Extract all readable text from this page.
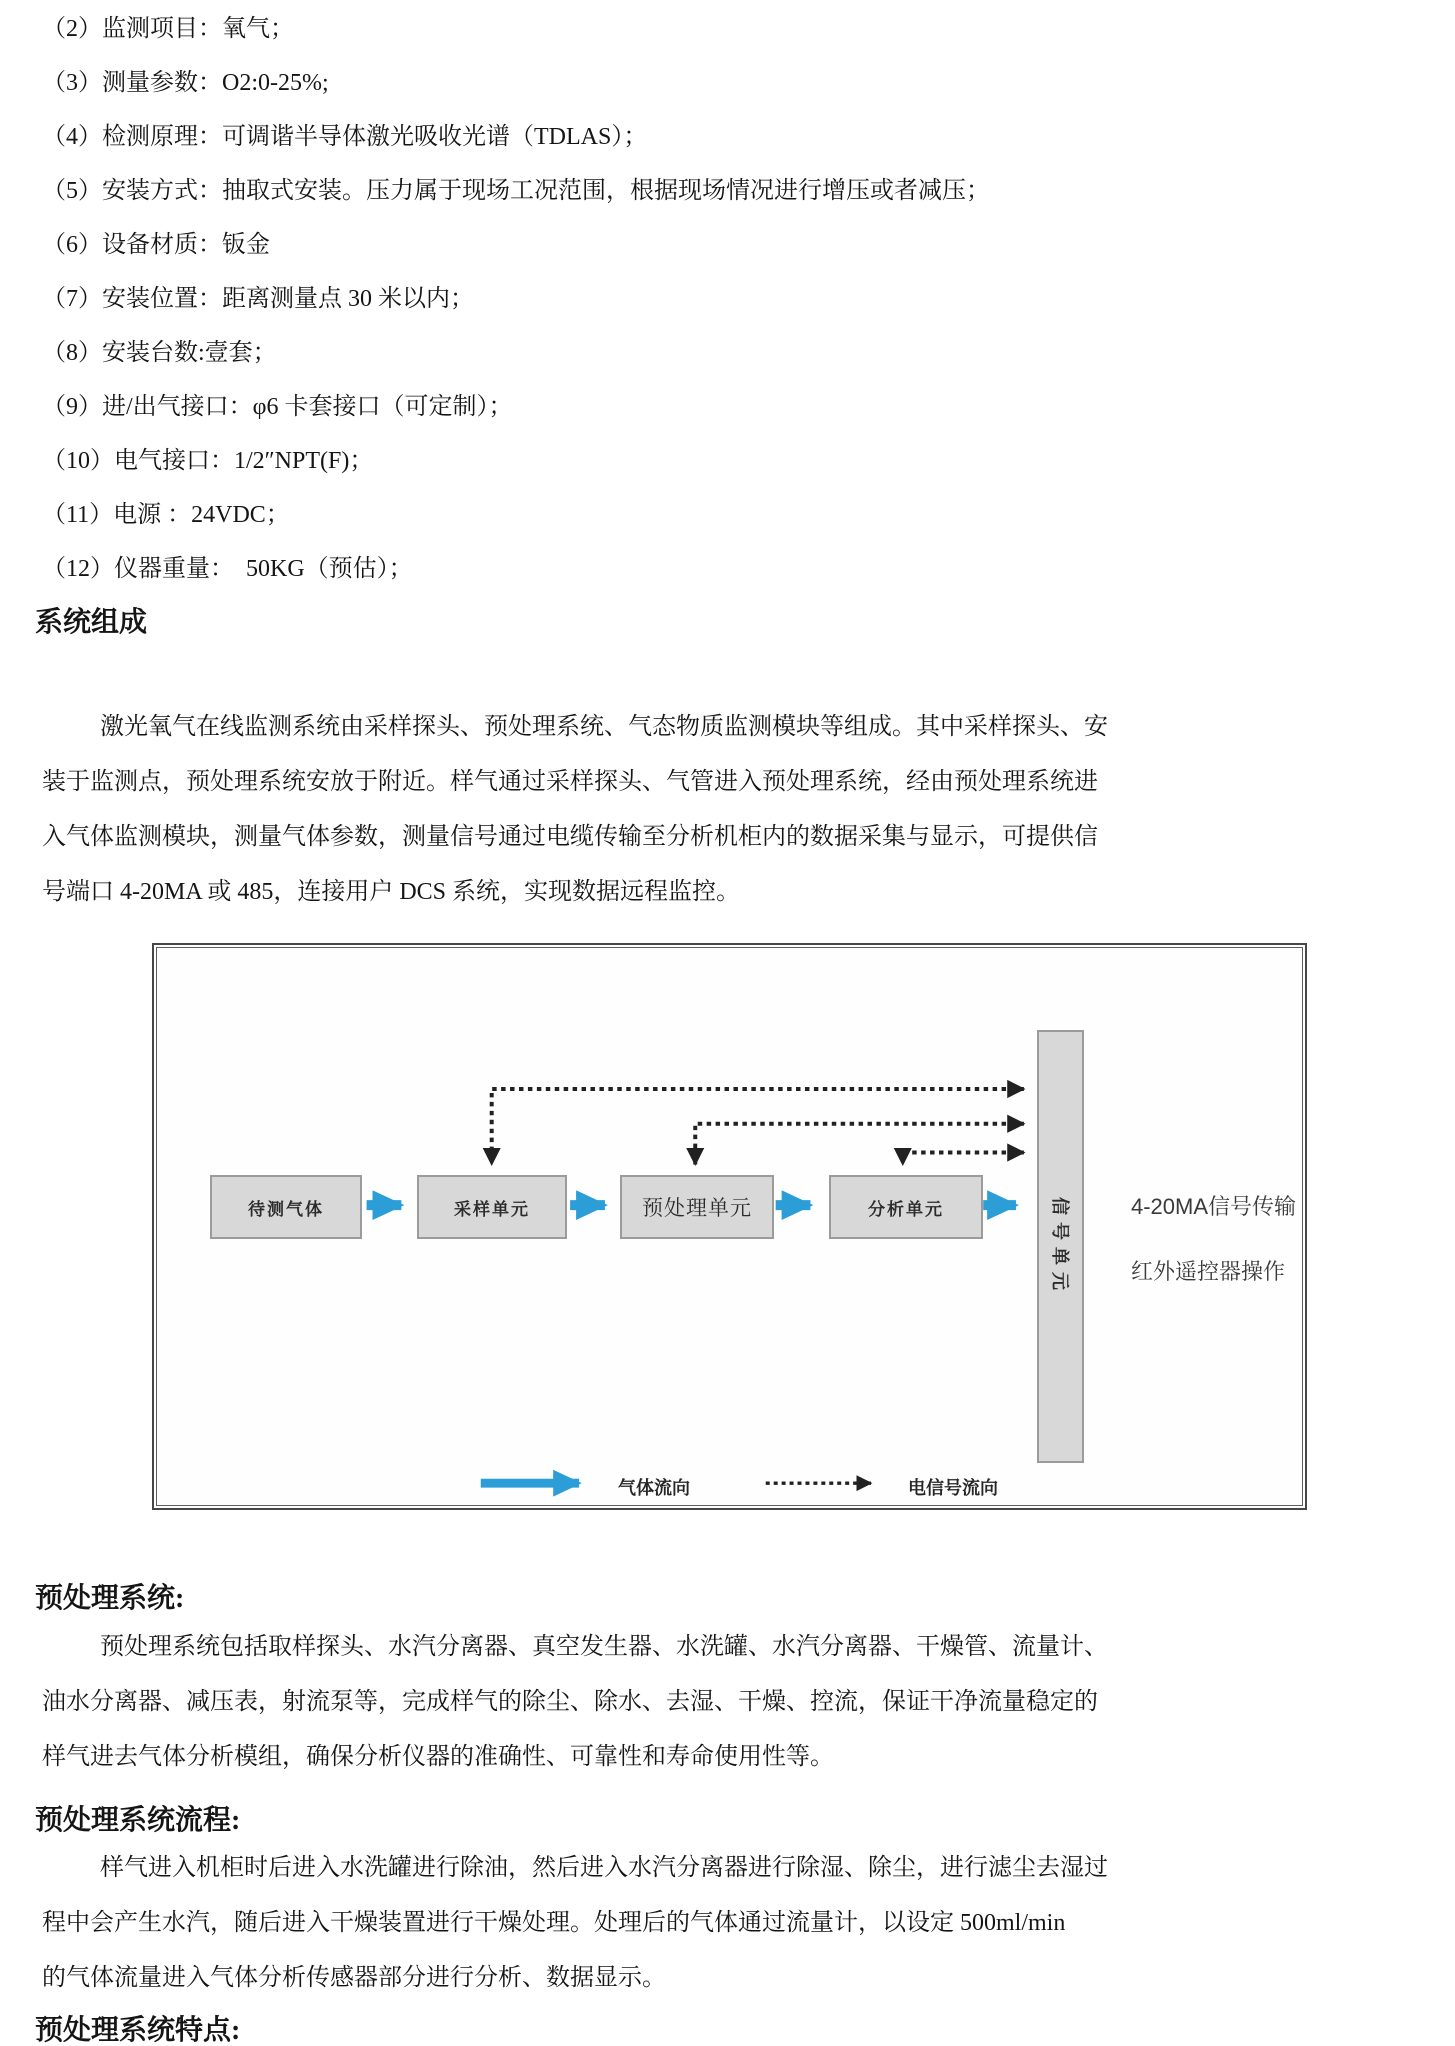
（2）监测项目：氧气；
（3）测量参数：O2:0-25%;
（4）检测原理：可调谐半导体激光吸收光谱（TDLAS）；
（5）安装方式：抽取式安装。压力属于现场工况范围，根据现场情况进行增压或者减压；
（6）设备材质：钣金
（7）安装位置：距离测量点 30 米以内；
（8）安装台数:壹套；
（9）进/出气接口：φ6 卡套接口（可定制）；
（10）电气接口：1/2″NPT(F)；
（11）电源 ：24VDC；
（12）仪器重量：  50KG（预估）；
系统组成
激光氧气在线监测系统由采样探头、预处理系统、气态物质监测模块等组成。其中采样探头、安
装于监测点，预处理系统安放于附近。样气通过采样探头、气管进入预处理系统，经由预处理系统进
入气体监测模块，测量气体参数，测量信号通过电缆传输至分析机柜内的数据采集与显示，可提供信
号端口 4-20MA 或 485，连接用户 DCS 系统，实现数据远程监控。
待测气体	采样单元	预处理单元	分析单元	信号单元	4-20MA信号传输
红外遥控器操作
气体流向	电信号流向
预处理系统:
预处理系统包括取样探头、水汽分离器、真空发生器、水洗罐、水汽分离器、干燥管、流量计、
油水分离器、减压表，射流泵等，完成样气的除尘、除水、去湿、干燥、控流，保证干净流量稳定的
样气进去气体分析模组，确保分析仪器的准确性、可靠性和寿命使用性等。
预处理系统流程:
样气进入机柜时后进入水洗罐进行除油，然后进入水汽分离器进行除湿、除尘，进行滤尘去湿过
程中会产生水汽，随后进入干燥装置进行干燥处理。处理后的气体通过流量计，以设定 500ml/min
的气体流量进入气体分析传感器部分进行分析、数据显示。
预处理系统特点:
